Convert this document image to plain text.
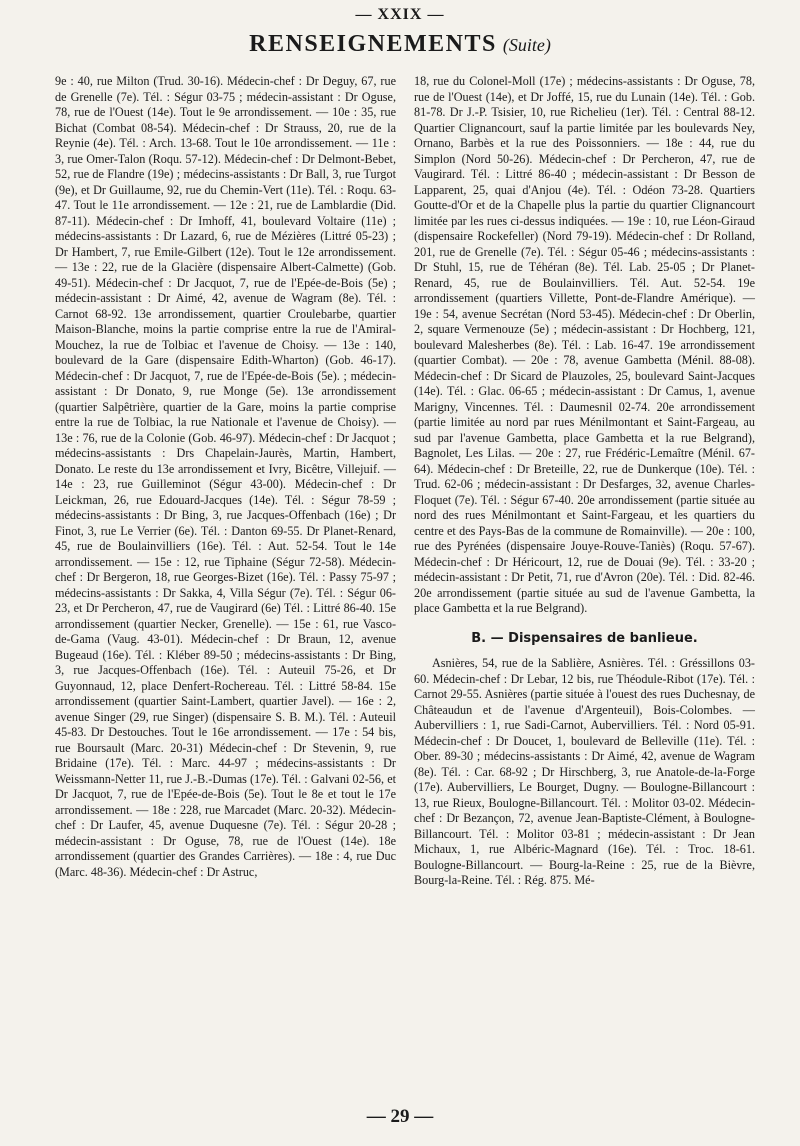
— XXIX —
RENSEIGNEMENTS (Suite)

9e : 40, rue Milton (Trud. 30-16). Médecin-chef : Dr Deguy, 67, rue de Grenelle (7e). Tél. : Ségur 03-75 ; médecin-assistant : Dr Oguse, 78, rue de l'Ouest (14e). Tout le 9e arrondissement. — 10e : 35, rue Bichat (Combat 08-54). Médecin-chef : Dr Strauss, 20, rue de la Reynie (4e). Tél. : Arch. 13-68. Tout le 10e arrondissement. — 11e : 3, rue Omer-Talon (Roqu. 57-12). Médecin-chef : Dr Delmont-Bebet, 52, rue de Flandre (19e) ; médecins-assistants : Dr Ball, 3, rue Turgot (9e), et Dr Guillaume, 92, rue du Chemin-Vert (11e). Tél. : Roqu. 63-47. Tout le 11e arrondissement. — 12e : 21, rue de Lamblardie (Did. 87-11). Médecin-chef : Dr Imhoff, 41, boulevard Voltaire (11e) ; médecins-assistants : Dr Lazard, 6, rue de Mézières (Littré 05-23) ; Dr Hambert, 7, rue Emile-Gilbert (12e). Tout le 12e arrondissement. — 13e : 22, rue de la Glacière (dispensaire Albert-Calmette) (Gob. 49-51). Médecin-chef : Dr Jacquot, 7, rue de l'Epée-de-Bois (5e) ; médecin-assistant : Dr Aimé, 42, avenue de Wagram (8e). Tél. : Carnot 68-92. 13e arrondissement, quartier Croulebarbe, quartier Maison-Blanche, moins la partie comprise entre la rue de l'Amiral-Mouchez, la rue de Tolbiac et l'avenue de Choisy. — 13e : 140, boulevard de la Gare (dispensaire Edith-Wharton) (Gob. 46-17). Médecin-chef : Dr Jacquot, 7, rue de l'Epée-de-Bois (5e). ; médecin-assistant : Dr Donato, 9, rue Monge (5e). 13e arrondissement (quartier Salpêtrière, quartier de la Gare, moins la partie comprise entre la rue de Tolbiac, la rue Nationale et l'avenue de Choisy). — 13e : 76, rue de la Colonie (Gob. 46-97). Médecin-chef : Dr Jacquot ; médecins-assistants : Drs Chapelain-Jaurès, Martin, Hambert, Donato. Le reste du 13e arrondissement et Ivry, Bicêtre, Villejuif. — 14e : 23, rue Guilleminot (Ségur 43-00). Médecin-chef : Dr Leickman, 26, rue Edouard-Jacques (14e). Tél. : Ségur 78-59 ; médecins-assistants : Dr Bing, 3, rue Jacques-Offenbach (16e) ; Dr Finot, 3, rue Le Verrier (6e). Tél. : Danton 69-55. Dr Planet-Renard, 45, rue de Boulainvilliers (16e). Tél. : Aut. 52-54. Tout le 14e arrondissement. — 15e : 12, rue Tiphaine (Ségur 72-58). Médecin-chef : Dr Bergeron, 18, rue Georges-Bizet (16e). Tél. : Passy 75-97 ; médecins-assistants : Dr Sakka, 4, Villa Ségur (7e). Tél. : Ségur 06-23, et Dr Percheron, 47, rue de Vaugirard (6e) Tél. : Littré 86-40. 15e arrondissement (quartier Necker, Grenelle). — 15e : 61, rue Vasco-de-Gama (Vaug. 43-01). Médecin-chef : Dr Braun, 12, avenue Bugeaud (16e). Tél. : Kléber 89-50 ; médecins-assistants : Dr Bing, 3, rue Jacques-Offenbach (16e). Tél. : Auteuil 75-26, et Dr Guyonnaud, 12, place Denfert-Rochereau. Tél. : Littré 58-84. 15e arrondissement (quartier Saint-Lambert, quartier Javel). — 16e : 2, avenue Singer (29, rue Singer) (dispensaire S. B. M.). Tél. : Auteuil 45-83. Dr Destouches. Tout le 16e arrondissement. — 17e : 54 bis, rue Boursault (Marc. 20-31) Médecin-chef : Dr Stevenin, 9, rue Bridaine (17e). Tél. : Marc. 44-97 ; médecins-assistants : Dr Weissmann-Netter 11, rue J.-B.-Dumas (17e). Tél. : Galvani 02-56, et Dr Jacquot, 7, rue de l'Epée-de-Bois (5e). Tout le 8e et tout le 17e arrondissement. — 18e : 228, rue Marcadet (Marc. 20-32). Médecin-chef : Dr Laufer, 45, avenue Duquesne (7e). Tél. : Ségur 20-28 ; médecin-assistant : Dr Oguse, 78, rue de l'Ouest (14e). 18e arrondissement (quartier des Grandes Carrières). — 18e : 4, rue Duc (Marc. 48-36). Médecin-chef : Dr Astruc,

18, rue du Colonel-Moll (17e) ; médecins-assistants : Dr Oguse, 78, rue de l'Ouest (14e), et Dr Joffé, 15, rue du Lunain (14e). Tél. : Gob. 81-78. Dr J.-P. Tsisier, 10, rue Richelieu (1er). Tél. : Central 88-12. Quartier Clignancourt, sauf la partie limitée par les boulevards Ney, Ornano, Barbès et la rue des Poissonniers. — 18e : 44, rue du Simplon (Nord 50-26). Médecin-chef : Dr Percheron, 47, rue de Vaugirard. Tél. : Littré 86-40 ; médecin-assistant : Dr Besson de Lapparent, 25, quai d'Anjou (4e). Tél. : Odéon 73-28. Quartiers Goutte-d'Or et de la Chapelle plus la partie du quartier Clignancourt limitée par les rues ci-dessus indiquées. — 19e : 10, rue Léon-Giraud (dispensaire Rockefeller) (Nord 79-19). Médecin-chef : Dr Rolland, 201, rue de Grenelle (7e). Tél. : Ségur 05-46 ; médecins-assistants : Dr Stuhl, 15, rue de Téhéran (8e). Tél. Lab. 25-05 ; Dr Planet-Renard, 45, rue de Boulainvilliers. Tél. Aut. 52-54. 19e arrondissement (quartiers Villette, Pont-de-Flandre Amérique). — 19e : 54, avenue Secrétan (Nord 53-45). Médecin-chef : Dr Oberlin, 2, square Vermenouze (5e) ; médecin-assistant : Dr Hochberg, 121, boulevard Malesherbes (8e). Tél. : Lab. 16-47. 19e arrondissement (quartier Combat). — 20e : 78, avenue Gambetta (Ménil. 88-08). Médecin-chef : Dr Sicard de Plauzoles, 25, boulevard Saint-Jacques (14e). Tél. : Glac. 06-65 ; médecin-assistant : Dr Camus, 1, avenue Marigny, Vincennes. Tél. : Daumesnil 02-74. 20e arrondissement (partie limitée au nord par rues Ménilmontant et Saint-Fargeau, au sud par l'avenue Gambetta, place Gambetta et la rue Belgrand), Bagnolet, Les Lilas. — 20e : 27, rue Frédéric-Lemaître (Ménil. 67-64). Médecin-chef : Dr Breteille, 22, rue de Dunkerque (10e). Tél. : Trud. 62-06 ; médecin-assistant : Dr Desfarges, 32, avenue Charles-Floquet (7e). Tél. : Ségur 67-40. 20e arrondissement (partie située au nord des rues Ménilmontant et Saint-Fargeau, et les quartiers du centre et des Pays-Bas de la commune de Romainville). — 20e : 100, rue des Pyrénées (dispensaire Jouye-Rouve-Taniès) (Roqu. 57-67). Médecin-chef : Dr Héricourt, 12, rue de Douai (9e). Tél. : 33-20 ; médecin-assistant : Dr Petit, 71, rue d'Avron (20e). Tél. : Did. 82-46. 20e arrondissement (partie située au sud de l'avenue Gambetta, la place Gambetta et la rue Belgrand).

B. — Dispensaires de banlieue.

Asnières, 54, rue de la Sablière, Asnières. Tél. : Gréssillons 03-60. Médecin-chef : Dr Lebar, 12 bis, rue Théodule-Ribot (17e). Tél. : Carnot 29-55. Asnières (partie située à l'ouest des rues Duchesnay, de Châteaudun et de l'avenue d'Argenteuil), Bois-Colombes. — Aubervilliers : 1, rue Sadi-Carnot, Aubervilliers. Tél. : Nord 05-91. Médecin-chef : Dr Doucet, 1, boulevard de Belleville (11e). Tél. : Ober. 89-30 ; médecins-assistants : Dr Aimé, 42, avenue de Wagram (8e). Tél. : Car. 68-92 ; Dr Hirschberg, 3, rue Anatole-de-la-Forge (17e). Aubervilliers, Le Bourget, Dugny. — Boulogne-Billancourt : 13, rue Rieux, Boulogne-Billancourt. Tél. : Molitor 03-02. Médecin-chef : Dr Bezançon, 72, avenue Jean-Baptiste-Clément, à Boulogne-Billancourt. Tél. : Molitor 03-81 ; médecin-assistant : Dr Jean Michaux, 1, rue Albéric-Magnard (16e). Tél. : Troc. 18-61. Boulogne-Billancourt. — Bourg-la-Reine : 25, rue de la Bièvre, Bourg-la-Reine. Tél. : Rég. 875. Mé-

— 29 —
